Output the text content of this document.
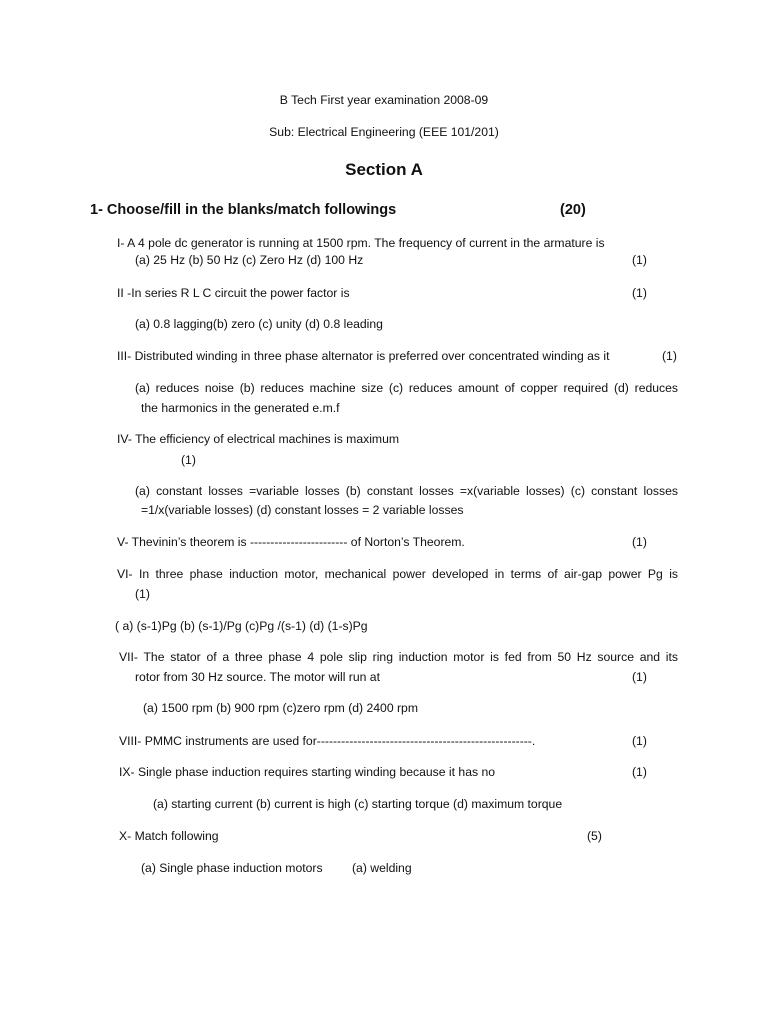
B Tech First year examination 2008-09
Sub: Electrical Engineering (EEE 101/201)
Section A
1- Choose/fill in the blanks/match followings	(20)
I- A 4 pole dc generator is running at 1500 rpm. The frequency of current in the armature is
(a) 25 Hz (b) 50 Hz (c) Zero Hz (d) 100 Hz	(1)
II -In series R L C circuit the power factor is	(1)
(a) 0.8 lagging(b) zero (c) unity (d) 0.8 leading
III- Distributed winding in three phase alternator is preferred over concentrated winding as it	(1)
(a) reduces noise (b) reduces machine size (c) reduces amount of copper required (d) reduces
the harmonics in the generated e.m.f
IV- The efficiency of electrical machines is maximum
(1)
(a) constant losses =variable losses (b) constant losses =x(variable losses) (c) constant losses
=1/x(variable losses) (d) constant losses = 2 variable losses
V- Thevinin’s theorem is ------------------------ of Norton’s Theorem.	(1)
VI- In three phase induction motor, mechanical power developed in terms of air-gap power Pg is
(1)
( a) (s-1)Pg (b) (s-1)/Pg (c)Pg /(s-1) (d) (1-s)Pg
VII- The stator of a three phase 4 pole slip ring induction motor is fed from 50 Hz source and its
rotor from 30 Hz source. The motor will run at	(1)
(a) 1500 rpm (b) 900 rpm (c)zero rpm (d) 2400 rpm
VIII- PMMC instruments are used for-----------------------------------------------------.	(1)
IX- Single phase induction requires starting winding because it has no	(1)
(a) starting current (b) current is high (c) starting torque (d) maximum torque
X- Match following	(5)
(a) Single phase induction motors (a) welding
